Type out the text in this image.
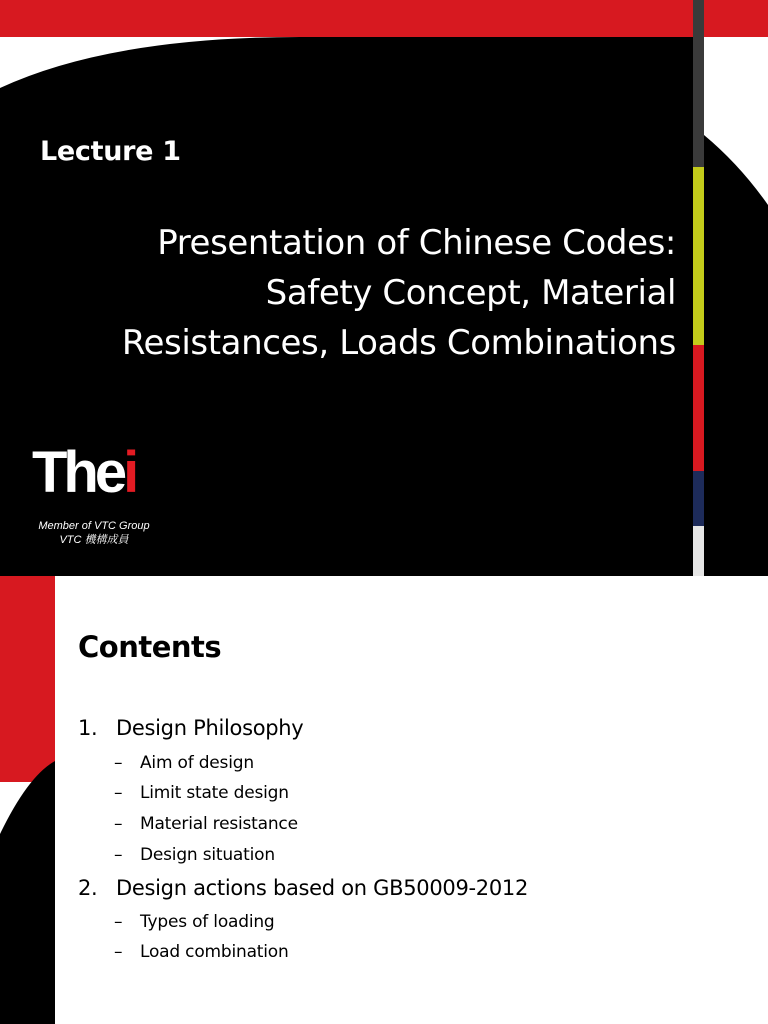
Lecture 1
Presentation of Chinese Codes:
Safety Concept, Material
Resistances, Loads Combinations
Thei
Member of VTC Group
VTC 機構成員
Contents
1. Design Philosophy
– Aim of design
– Limit state design
– Material resistance
– Design situation
2. Design actions based on GB50009-2012
– Types of loading
– Load combination
